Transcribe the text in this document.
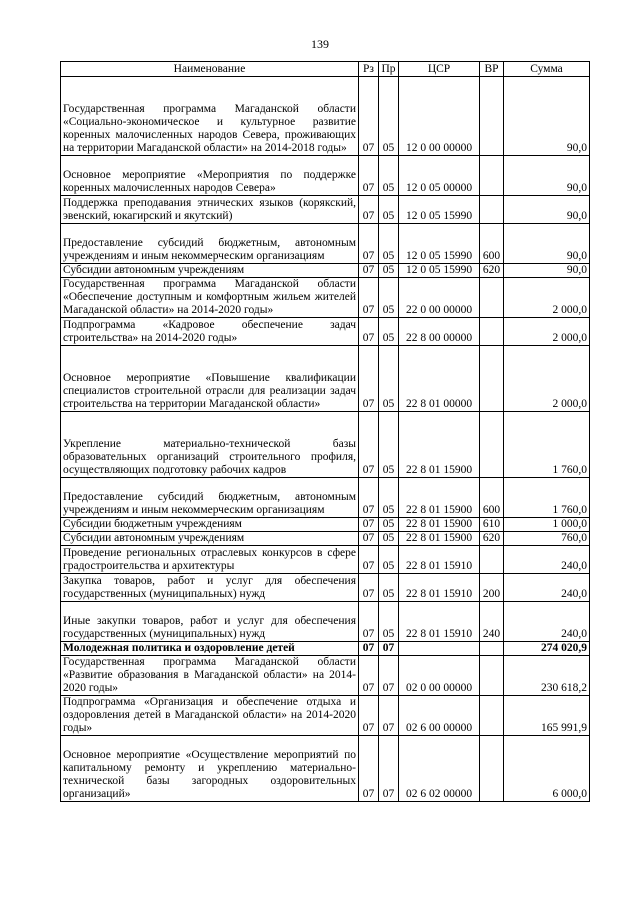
139
Наименование	Рз	Пр	ЦСР	ВР	Сумма
Государственная программа Магаданской области «Социально-экономическое и культурное развитие коренных малочисленных народов Севера, проживающих на территории Магаданской области» на 2014-2018 годы»	07	05	12 0 00 00000		90,0
Основное мероприятие «Мероприятия по поддержке коренных малочисленных народов Севера»	07	05	12 0 05 00000		90,0
Поддержка преподавания этнических языков (корякский, эвенский, юкагирский и якутский)	07	05	12 0 05 15990		90,0
Предоставление субсидий бюджетным, автономным учреждениям и иным некоммерческим организациям	07	05	12 0 05 15990	600	90,0
Субсидии автономным учреждениям	07	05	12 0 05 15990	620	90,0
Государственная программа Магаданской области «Обеспечение доступным и комфортным жильем жителей Магаданской области» на 2014-2020 годы»	07	05	22 0 00 00000		2 000,0
Подпрограмма «Кадровое обеспечение задач строительства» на 2014-2020 годы»	07	05	22 8 00 00000		2 000,0
Основное мероприятие «Повышение квалификации специалистов строительной отрасли для реализации задач строительства на территории Магаданской области»	07	05	22 8 01 00000		2 000,0
Укрепление материально-технической базы образовательных организаций строительного профиля, осуществляющих подготовку рабочих кадров	07	05	22 8 01 15900		1 760,0
Предоставление субсидий бюджетным, автономным учреждениям и иным некоммерческим организациям	07	05	22 8 01 15900	600	1 760,0
Субсидии бюджетным учреждениям	07	05	22 8 01 15900	610	1 000,0
Субсидии автономным учреждениям	07	05	22 8 01 15900	620	760,0
Проведение региональных отраслевых конкурсов в сфере градостроительства и архитектуры	07	05	22 8 01 15910		240,0
Закупка товаров, работ и услуг для обеспечения государственных (муниципальных) нужд	07	05	22 8 01 15910	200	240,0
Иные закупки товаров, работ и услуг для обеспечения государственных (муниципальных) нужд	07	05	22 8 01 15910	240	240,0
Молодежная политика и оздоровление детей	07	07			274 020,9
Государственная программа Магаданской области «Развитие образования в Магаданской области» на 2014-2020 годы»	07	07	02 0 00 00000		230 618,2
Подпрограмма «Организация и обеспечение отдыха и оздоровления детей в Магаданской области» на 2014-2020 годы»	07	07	02 6 00 00000		165 991,9
Основное мероприятие «Осуществление мероприятий по капитальному ремонту и укреплению материально-технической базы загородных оздоровительных организаций»	07	07	02 6 02 00000		6 000,0
